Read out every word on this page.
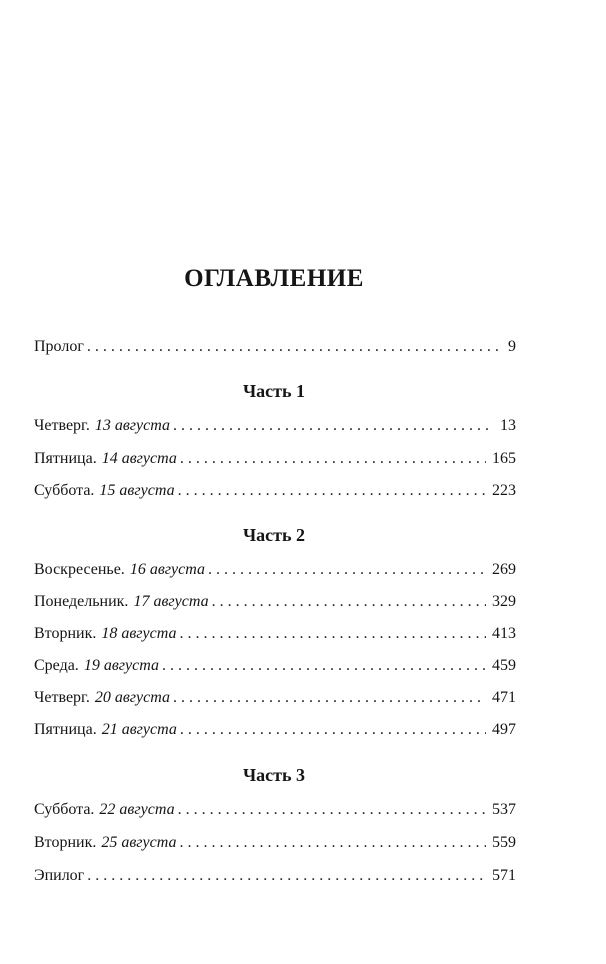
ОГЛАВЛЕНИЕ
Пролог . . .	9
Часть 1
Четверг. 13 августа . . .	13
Пятница. 14 августа . . .	165
Суббота. 15 августа . . .	223
Часть 2
Воскресенье. 16 августа . . .	269
Понедельник. 17 августа . . .	329
Вторник. 18 августа . . .	413
Среда. 19 августа . . .	459
Четверг. 20 августа . . .	471
Пятница. 21 августа . . .	497
Часть 3
Суббота. 22 августа . . .	537
Вторник. 25 августа . . .	559
Эпилог . . .	571
